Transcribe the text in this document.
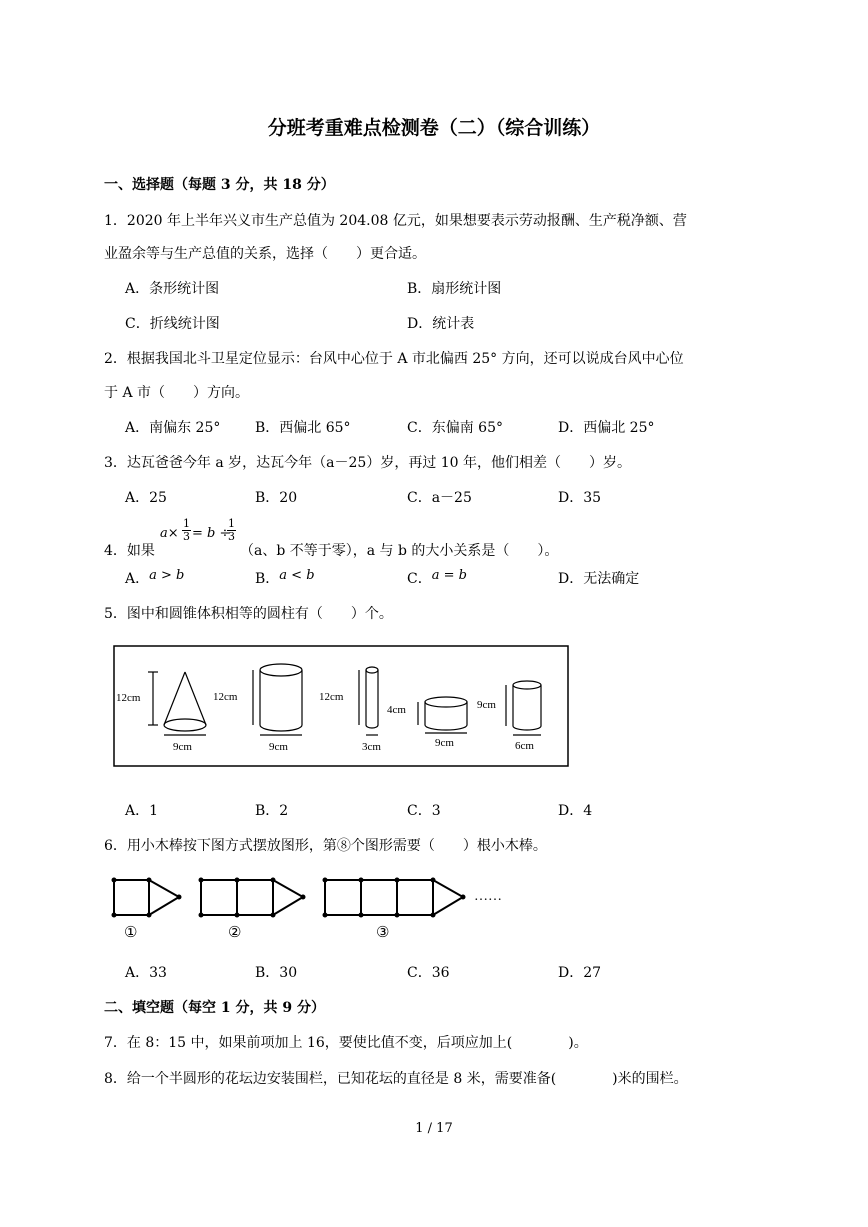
分班考重难点检测卷（二）（综合训练）
一、选择题（每题 3 分，共 18 分）
1．2020 年上半年兴义市生产总值为 204.08 亿元，如果想要表示劳动报酬、生产税净额、营
业盈余等与生产总值的关系，选择（　　）更合适。
A．条形统计图	B．扇形统计图
C．折线统计图	D．统计表
2．根据我国北斗卫星定位显示：台风中心位于 A 市北偏西 25° 方向，还可以说成台风中心位
于 A 市（　　）方向。
A．南偏东 25° B．西偏北 65°	C．东偏南 65°	D．西偏北 25°
3．达瓦爸爸今年 a 岁，达瓦今年（a－25）岁，再过 10 年，他们相差（　　）岁。
A．25	B．20	C．a－25	D．35
4．如果
$a\times \frac{1}{3} = b$ ÷
$\frac{1}{3}$
（a、b 不等于零），a 与 b 的大小关系是（　　）。
A．a > b	B．a < b	C．a = b	D．无法确定
5．图中和圆锥体积相等的圆柱有（　　）个。
12cm
9cm
12cm
9cm
12cm
3cm
4cm
9cm
9cm
6cm
A．1	B．2	C．3	D．4
6．用小木棒按下图方式摆放图形，第⑧个图形需要（　　）根小木棒。
……
①	②	③
A．33	B．30	C．36	D．27
二、填空题（每空 1 分，共 9 分）
7．在 8：15 中，如果前项加上 16，要使比值不变，后项应加上(　　　　)。
8．给一个半圆形的花坛边安装围栏，已知花坛的直径是 8 米，需要准备(　　　　)米的围栏。
1 / 17
